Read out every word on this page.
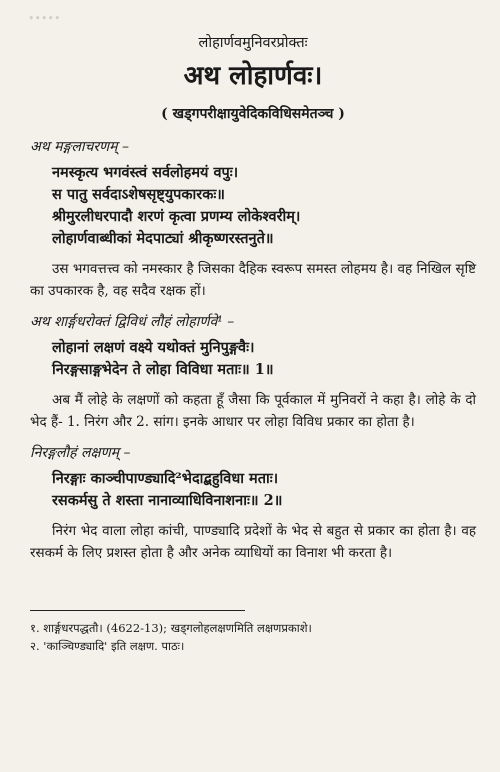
•••••
लोहार्णवमुनिवरप्रोक्तः
अथ लोहार्णवः।
( खड्गपरीक्षायुवेदिकविधिसमेतञ्च )
अथ मङ्गलाचरणम् –
नमस्कृत्य भगवंस्त्वं सर्वलोहमयं वपुः।
स पातु सर्वदाऽशेषसृष्ट्युपकारकः॥
श्रीमुरलीधरपादौ शरणं कृत्वा प्रणम्य लोकेश्वरीम्।
लोहार्णवाब्धीकां मेदपाट्यां श्रीकृष्णरस्तनुते॥
उस भगवत्तत्त्व को नमस्कार है जिसका दैहिक स्वरूप समस्त लोहमय है। वह निखिल सृष्टि का उपकारक है, वह सदैव रक्षक हों।
अथ शार्ङ्गधरोक्तं द्विविधं लौहं लोहार्णवे¹ –
लोहानां लक्षणं वक्ष्ये यथोक्तं मुनिपुङ्गवैः।
निरङ्गसाङ्गभेदेन ते लोहा विविधा मताः॥ 1॥
अब मैं लोहे के लक्षणों को कहता हूँ जैसा कि पूर्वकाल में मुनिवरों ने कहा है। लोहे के दो भेद हैं- 1. निरंग और 2. सांग। इनके आधार पर लोहा विविध प्रकार का होता है।
निरङ्गलौहं लक्षणम् –
निरङ्गाः काञ्चीपाण्ड्यादि²भेदाद्बहुविधा मताः।
रसकर्मसु ते शस्ता नानाव्याधिविनाशनाः॥ 2॥
निरंग भेद वाला लोहा कांची, पाण्ड्यादि प्रदेशों के भेद से बहुत से प्रकार का होता है। वह रसकर्म के लिए प्रशस्त होता है और अनेक व्याधियों का विनाश भी करता है।
१. शार्ङ्गधरपद्धतौ। (4622-13); खड्गलोहलक्षणमिति लक्षणप्रकाशे।
२. 'काञ्चिण्ड्यादि' इति लक्षण. पाठः।
